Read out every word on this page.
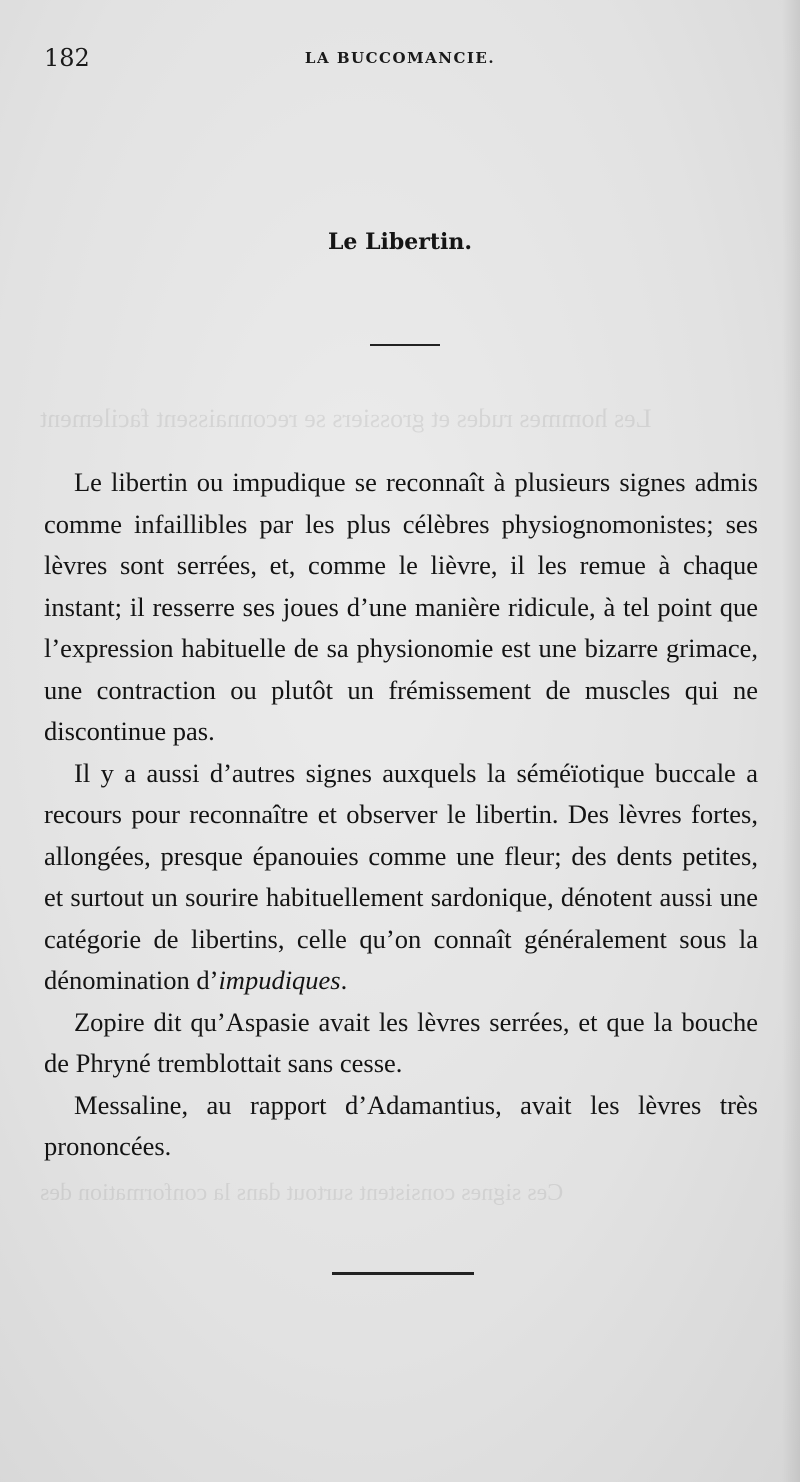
Les hommes rudes et grossiers se reconnaissent facilement
Ces signes consistent surtout dans la conformation des
182	LA BUCCOMANCIE.
Le Libertin.

Le libertin ou impudique se reconnaît à plusieurs signes admis comme infaillibles par les plus célèbres physiognomonistes; ses lèvres sont serrées, et, comme le lièvre, il les remue à chaque instant; il resserre ses joues d’une manière ridicule, à tel point que l’expression habituelle de sa physionomie est une bizarre grimace, une contraction ou plutôt un frémissement de muscles qui ne discontinue pas.

Il y a aussi d’autres signes auxquels la séméïotique buccale a recours pour reconnaître et observer le libertin. Des lèvres fortes, allongées, presque épanouies comme une fleur; des dents petites, et surtout un sourire habituellement sardonique, dénotent aussi une catégorie de libertins, celle qu’on connaît généralement sous la dénomination d’impudiques.

Zopire dit qu’Aspasie avait les lèvres serrées, et que la bouche de Phryné tremblottait sans cesse.

Messaline, au rapport d’Adamantius, avait les lèvres très prononcées.
